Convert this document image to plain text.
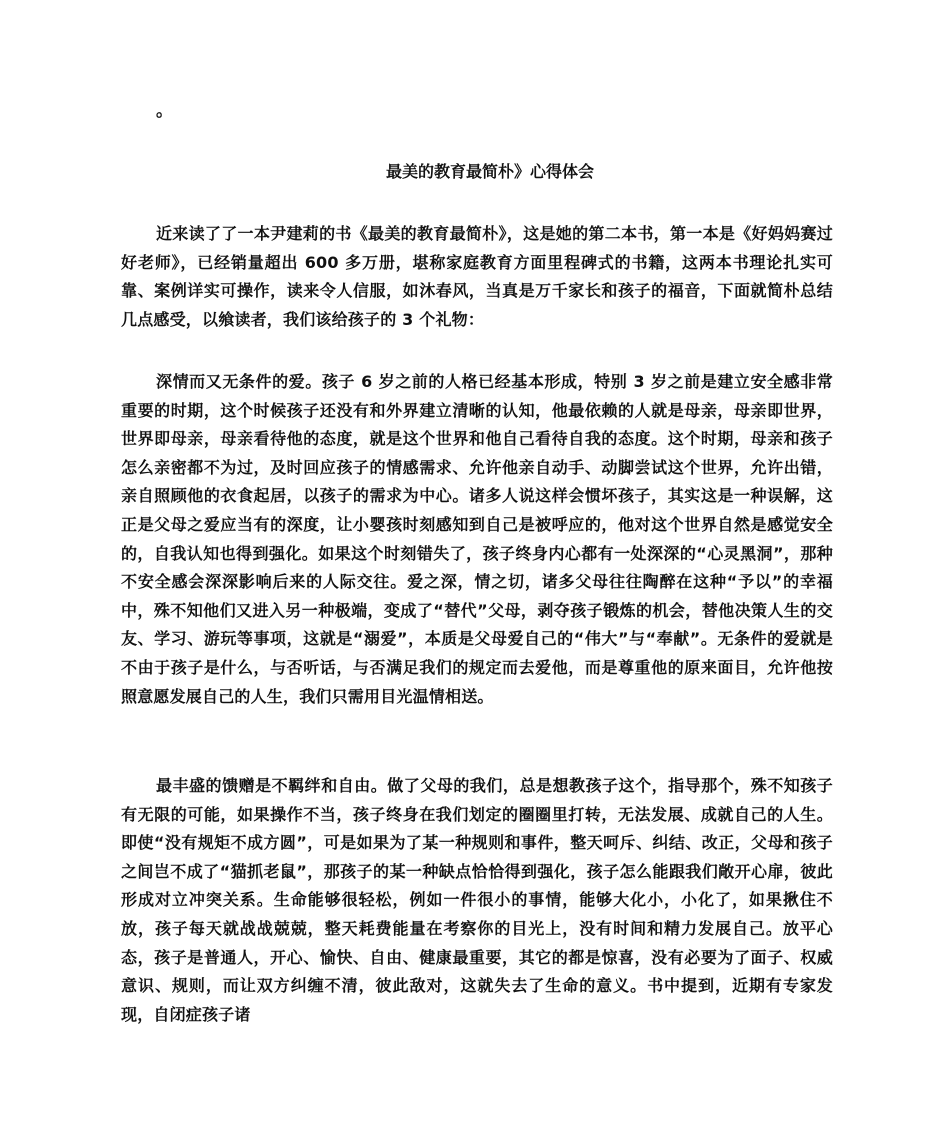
。
最美的教育最简朴》心得体会

近来读了了一本尹建莉的书《最美的教育最简朴》，这是她的第二本书，第一本是《好妈妈赛过好老师》，已经销量超出 600 多万册，堪称家庭教育方面里程碑式的书籍，这两本书理论扎实可靠、案例详实可操作，读来令人信服，如沐春风，当真是万千家长和孩子的福音，下面就简朴总结几点感受，以飨读者，我们该给孩子的 3 个礼物：

深情而又无条件的爱。孩子 6 岁之前的人格已经基本形成，特别 3 岁之前是建立安全感非常重要的时期，这个时候孩子还没有和外界建立清晰的认知，他最依赖的人就是母亲，母亲即世界，世界即母亲，母亲看待他的态度，就是这个世界和他自己看待自我的态度。这个时期，母亲和孩子怎么亲密都不为过，及时回应孩子的情感需求、允许他亲自动手、动脚尝试这个世界，允许出错，亲自照顾他的衣食起居，以孩子的需求为中心。诸多人说这样会惯坏孩子，其实这是一种误解，这正是父母之爱应当有的深度，让小婴孩时刻感知到自己是被呼应的，他对这个世界自然是感觉安全的，自我认知也得到强化。如果这个时刻错失了，孩子终身内心都有一处深深的“心灵黑洞”，那种不安全感会深深影响后来的人际交往。爱之深，情之切，诸多父母往往陶醉在这种“予以”的幸福中，殊不知他们又进入另一种极端，变成了“替代”父母，剥夺孩子锻炼的机会，替他决策人生的交友、学习、游玩等事项，这就是“溺爱”，本质是父母爱自己的“伟大”与“奉献”。无条件的爱就是不由于孩子是什么，与否听话，与否满足我们的规定而去爱他，而是尊重他的原来面目，允许他按照意愿发展自己的人生，我们只需用目光温情相送。

最丰盛的馈赠是不羁绊和自由。做了父母的我们，总是想教孩子这个，指导那个，殊不知孩子有无限的可能，如果操作不当，孩子终身在我们划定的圈圈里打转，无法发展、成就自己的人生。即使“没有规矩不成方圆”，可是如果为了某一种规则和事件，整天呵斥、纠结、改正，父母和孩子之间岂不成了“猫抓老鼠”，那孩子的某一种缺点恰恰得到强化，孩子怎么能跟我们敞开心扉，彼此形成对立冲突关系。生命能够很轻松，例如一件很小的事情，能够大化小，小化了，如果揪住不放，孩子每天就战战兢兢，整天耗费能量在考察你的目光上，没有时间和精力发展自己。放平心态，孩子是普通人，开心、愉快、自由、健康最重要，其它的都是惊喜，没有必要为了面子、权威意识、规则，而让双方纠缠不清，彼此敌对，这就失去了生命的意义。书中提到，近期有专家发现，自闭症孩子诸
